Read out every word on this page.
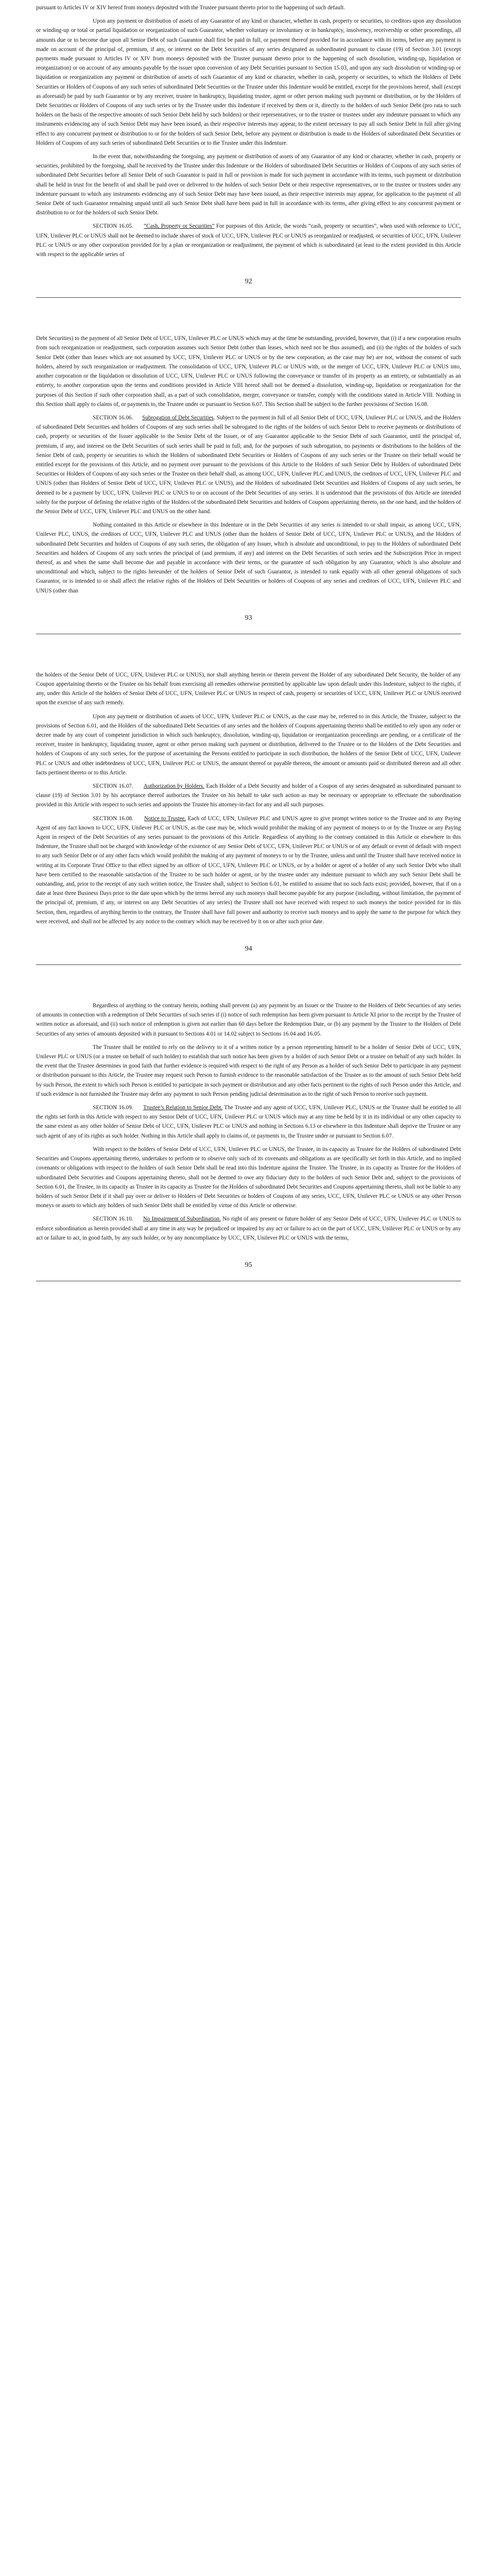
pursuant to Articles IV or XIV hereof from moneys deposited with the Trustee pursuant thereto prior to the happening of such default.

Upon any payment or distribution of assets of any Guarantor of any kind or character, whether in cash, property or securities, to creditors upon any dissolution or winding-up or total or partial liquidation or reorganization of such Guarantor, whether voluntary or involuntary or in bankruptcy, insolvency, receivership or other proceedings, all amounts due or to become due upon all Senior Debt of such Guarantor shall first be paid in full, or payment thereof provided for in accordance with its terms, before any payment is made on account of the principal of, premium, if any, or interest on the Debt Securities of any series designated as subordinated pursuant to clause (19) of Section 3.01 (except payments made pursuant to Articles IV or XIV from moneys deposited with the Trustee pursuant thereto prior to the happening of such dissolution, winding-up, liquidation or reorganization) or on account of any amounts payable by the issuer upon conversion of any Debt Securities pursuant to Section 15.03, and upon any such dissolution or winding-up or liquidation or reorganization any payment or distribution of assets of such Guarantor of any kind or character, whether in cash, property or securities, to which the Holders of Debt Securities or Holders of Coupons of any such series of subordinated Debt Securities or the Trustee under this Indenture would be entitled, except for the provisions hereof, shall (except as aforesaid) be paid by such Guarantor or by any receiver, trustee in bankruptcy, liquidating trustee, agent or other person making such payment or distribution, or by the Holders of Debt Securities or Holders of Coupons of any such series or by the Trustee under this Indenture if received by them or it, directly to the holders of such Senior Debt (pro rata to such holders on the basis of the respective amounts of such Senior Debt held by such holders) or their representatives, or to the trustee or trustees under any indenture pursuant to which any instruments evidencing any of such Senior Debt may have been issued, as their respective interests may appear, to the extent necessary to pay all such Senior Debt in full after giving effect to any concurrent payment or distribution to or for the holders of such Senior Debt, before any payment or distribution is made to the Holders of subordinated Debt Securities or Holders of Coupons of any such series of subordinated Debt Securities or to the Trustee under this Indenture.

In the event that, notwithstanding the foregoing, any payment or distribution of assets of any Guarantor of any kind or character, whether in cash, property or securities, prohibited by the foregoing, shall be received by the Trustee under this Indenture or the Holders of subordinated Debt Securities or Holders of Coupons of any such series of subordinated Debt Securities before all Senior Debt of such Guarantor is paid in full or provision is made for such payment in accordance with its terms, such payment or distribution shall be held in trust for the benefit of and shall be paid over or delivered to the holders of such Senior Debt or their respective representatives, or to the trustee or trustees under any indenture pursuant to which any instruments evidencing any of such Senior Debt may have been issued, as their respective interests may appear, for application to the payment of all Senior Debt of such Guarantor remaining unpaid until all such Senior Debt shall have been paid in full in accordance with its terms, after giving effect to any concurrent payment or distribution to or for the holders of such Senior Debt.

SECTION 16.05. “Cash, Property or Securities” For purposes of this Article, the words “cash, property or securities”, when used with reference to UCC, UFN, Unilever PLC or UNUS shall not be deemed to include shares of stock of UCC, UFN, Unilever PLC or UNUS as reorganized or readjusted, or securities of UCC, UFN, Unilever PLC or UNUS or any other corporation provided for by a plan or reorganization or readjustment, the payment of which is subordinated (at least to the extent provided in this Article with respect to the applicable series of

92

Debt Securities) to the payment of all Senior Debt of UCC, UFN, Unilever PLC or UNUS which may at the time be outstanding, provided, however, that (i) if a new corporation results from such reorganization or readjustment, such corporation assumes such Senior Debt (other than leases, which need not be thus assumed), and (ii) the rights of the holders of such Senior Debt (other than leases which are not assumed by UCC, UFN, Unilever PLC or UNUS or by the new corporation, as the case may be) are not, without the consent of such holders, altered by such reorganization or readjustment. The consolidation of UCC, UFN, Unilever PLC or UNUS with, or the merger of UCC, UFN, Unilever PLC or UNUS into, another corporation or the liquidation or dissolution of UCC, UFN, Unilever PLC or UNUS following the conveyance or transfer of its property as an entirety, or substantially as an entirety, to another corporation upon the terms and conditions provided in Article VIII hereof shall not be deemed a dissolution, winding-up, liquidation or reorganization for the purposes of this Section if such other corporation shall, as a part of such consolidation, merger, conveyance or transfer, comply with the conditions stated in Article VIII. Nothing in this Section shall apply to claims of, or payments to, the Trustee under or pursuant to Section 6.07. This Section shall be subject to the further provisions of Section 16.08.

SECTION 16.06. Subrogation of Debt Securities. Subject to the payment in full of all Senior Debt of UCC, UFN, Unilever PLC or UNUS, and the Holders of subordinated Debt Securities and holders of Coupons of any such series shall be subrogated to the rights of the holders of such Senior Debt to receive payments or distributions of cash, property or securities of the Issuer applicable to the Senior Debt of the Issuer, or of any Guarantor applicable to the Senior Debt of such Guarantor, until the principal of, premium, if any, and interest on the Debt Securities of such series shall be paid in full; and, for the purposes of such subrogation, no payments or distributions to the holders of the Senior Debt of cash, property or securities to which the Holders of subordinated Debt Securities or Holders of Coupons of any such series or the Trustee on their behalf would be entitled except for the provisions of this Article, and no payment over pursuant to the provisions of this Article to the Holders of such Senior Debt by Holders of subordinated Debt Securities or Holders of Coupons of any such series or the Trustee on their behalf shall, as among UCC, UFN, Unilever PLC and UNUS, the creditors of UCC, UFN, Unilever PLC and UNUS (other than Holders of Senior Debt of UCC, UFN, Unilever PLC or UNUS), and the Holders of subordinated Debt Securities and Holders of Coupons of any such series, be deemed to be a payment by UCC, UFN, Unilever PLC or UNUS to or on account of the Debt Securities of any series. It is understood that the provisions of this Article are intended solely for the purpose of defining the relative rights of the Holders of the subordinated Debt Securities and holders of Coupons appertaining thereto, on the one hand, and the holders of the Senior Debt of UCC, UFN, Unilever PLC and UNUS on the other hand.

Nothing contained in this Article or elsewhere in this Indenture or in the Debt Securities of any series is intended to or shall impair, as among UCC, UFN, Unilever PLC, UNUS, the creditors of UCC, UFN, Unilever PLC and UNUS (other than the holders of Senior Debt of UCC, UFN, Unilever PLC or UNUS), and the Holders of subordinated Debt Securities and holders of Coupons of any such series, the obligation of any Issuer, which is absolute and unconditional, to pay to the Holders of subordinated Debt Securities and holders of Coupons of any such series the principal of (and premium, if any) and interest on the Debt Securities of such series and the Subscription Price in respect thereof, as and when the same shall become due and payable in accordance with their terms, or the guarantee of such obligation by any Guarantor, which is also absolute and unconditional and which, subject to the rights hereunder of the holders of Senior Debt of such Guarantor, is intended to rank equally with all other general obligations of such Guarantor, or is intended to or shall affect the relative rights of the Holders of Debt Securities or holders of Coupons of any series and creditors of UCC, UFN, Unilever PLC and UNUS (other than

93

the holders of the Senior Debt of UCC, UFN, Unilever PLC or UNUS), nor shall anything herein or therein prevent the Holder of any subordinated Debt Security, the holder of any Coupon appertaining thereto or the Trustee on his behalf from exercising all remedies otherwise permitted by applicable law upon default under this Indenture, subject to the rights, if any, under this Article of the holders of Senior Debt of UCC, UFN, Unilever PLC or UNUS in respect of cash, property or securities of UCC, UFN, Unilever PLC or UNUS received upon the exercise of any such remedy.

Upon any payment or distribution of assets of UCC, UFN, Unilever PLC or UNUS, as the case may be, referred to in this Article, the Trustee, subject to the provisions of Section 6.01, and the Holders of the subordinated Debt Securities of any series and the holders of Coupons appertaining thereto shall be entitled to rely upon any order or decree made by any court of competent jurisdiction in which such bankruptcy, dissolution, winding-up, liquidation or reorganization proceedings are pending, or a certificate of the receiver, trustee in bankruptcy, liquidating trustee, agent or other person making such payment or distribution, delivered to the Trustee or to the Holders of the Debt Securities and holders of Coupons of any such series, for the purpose of ascertaining the Persons entitled to participate in such distribution, the holders of the Senior Debt of UCC, UFN, Unilever PLC or UNUS and other indebtedness of UCC, UFN, Unilever PLC or UNUS, the amount thereof or payable thereon, the amount or amounts paid or distributed thereon and all other facts pertinent thereto or to this Article.

SECTION 16.07. Authorization by Holders. Each Holder of a Debt Security and holder of a Coupon of any series designated as subordinated pursuant to clause (19) of Section 3.01 by his acceptance thereof authorizes the Trustee on his behalf to take such action as may be necessary or appropriate to effectuate the subordination provided in this Article with respect to such series and appoints the Trustee his attorney-in-fact for any and all such purposes.

SECTION 16.08. Notice to Trustee. Each of UCC, UFN, Unilever PLC and UNUS agree to give prompt written notice to the Trustee and to any Paying Agent of any fact known to UCC, UFN, Unilever PLC or UNUS, as the case may be, which would prohibit the making of any payment of moneys to or by the Trustee or any Paying Agent in respect of the Debt Securities of any series pursuant to the provisions of this Article. Regardless of anything to the contrary contained in this Article or elsewhere in this Indenture, the Trustee shall not be charged with knowledge of the existence of any Senior Debt of UCC, UFN, Unilever PLC or UNUS or of any default or event of default with respect to any such Senior Debt or of any other facts which would prohibit the making of any payment of moneys to or by the Trustee, unless and until the Trustee shall have received notice in writing at its Corporate Trust Office to that effect signed by an officer of UCC, UFN, Unilever PLC or UNUS, or by a holder or agent of a holder of any such Senior Debt who shall have been certified to the reasonable satisfaction of the Trustee to be such holder or agent, or by the trustee under any indenture pursuant to which any such Senior Debt shall be outstanding, and, prior to the receipt of any such written notice, the Trustee shall, subject to Section 6.01, be entitled to assume that no such facts exist; provided, however, that if on a date at least three Business Days prior to the date upon which by the terms hereof any such moneys shall become payable for any purpose (including, without limitation, the payment of the principal of, premium, if any, or interest on any Debt Securities of any series) the Trustee shall not have received with respect to such moneys the notice provided for in this Section, then, regardless of anything herein to the contrary, the Trustee shall have full power and authority to receive such moneys and to apply the same to the purpose for which they were received, and shall not be affected by any notice to the contrary which may be received by it on or after such prior date.

94

Regardless of anything to the contrary herein, nothing shall prevent (a) any payment by an Issuer or the Trustee to the Holders of Debt Securities of any series of amounts in connection with a redemption of Debt Securities of such series if (i) notice of such redemption has been given pursuant to Article XI prior to the receipt by the Trustee of written notice as aforesaid, and (ii) such notice of redemption is given not earlier than 60 days before the Redemption Date, or (b) any payment by the Trustee to the Holders of Debt Securities of any series of amounts deposited with it pursuant to Sections 4.01 or 14.02 subject to Sections 16.04 and 16.05.

The Trustee shall be entitled to rely on the delivery to it of a written notice by a person representing himself to be a holder of Senior Debt of UCC, UFN, Unilever PLC or UNUS (or a trustee on behalf of such holder) to establish that such notice has been given by a holder of such Senior Debt or a trustee on behalf of any such holder. In the event that the Trustee determines in good faith that further evidence is required with respect to the right of any Person as a holder of such Senior Debt to participate in any payment or distribution pursuant to this Article, the Trustee may request such Person to furnish evidence to the reasonable satisfaction of the Trustee as to the amount of such Senior Debt held by such Person, the extent to which such Person is entitled to participate in such payment or distribution and any other facts pertinent to the rights of such Person under this Article, and if such evidence is not furnished the Trustee may defer any payment to such Person pending judicial determination as to the right of such Person to receive such payment.

SECTION 16.09. Trustee’s Relation to Senior Debt. The Trustee and any agent of UCC, UFN, Unilever PLC, UNUS or the Trustee shall be entitled to all the rights set forth in this Article with respect to any Senior Debt of UCC, UFN, Unilever PLC or UNUS which may at any time be held by it in its individual or any other capacity to the same extent as any other holder of Senior Debt of UCC, UFN, Unilever PLC or UNUS and nothing in Sections 6.13 or elsewhere in this Indenture shall deprive the Trustee or any such agent of any of its rights as such holder. Nothing in this Article shall apply to claims of, or payments to, the Trustee under or pursuant to Section 6.07.

With respect to the holders of Senior Debt of UCC, UFN, Unilever PLC or UNUS, the Trustee, in its capacity as Trustee for the Holders of subordinated Debt Securities and Coupons appertaining thereto, undertakes to perform or to observe only such of its covenants and obligations as are specifically set forth in this Article, and no implied covenants or obligations with respect to the holders of such Senior Debt shall be read into this Indenture against the Trustee. The Trustee, in its capacity as Trustee for the Holders of subordinated Debt Securities and Coupons appertaining thereto, shall not be deemed to owe any fiduciary duty to the holders of such Senior Debt and, subject to the provisions of Section 6.01, the Trustee, in its capacity as Trustee in its capacity as Trustee for the Holders of subordinated Debt Securities and Coupons appertaining thereto, shall not be liable to any holders of such Senior Debt if it shall pay over or deliver to Holders of Debt Securities or holders of Coupons of any series, UCC, UFN, Unilever PLC or UNUS or any other Person moneys or assets to which any holders of such Senior Debt shall be entitled by virtue of this Article or otherwise.

SECTION 16.10. No Impairment of Subordination. No right of any present or future holder of any Senior Debt of UCC, UFN, Unilever PLC or UNUS to enforce subordination as herein provided shall at any time in any way be prejudiced or impaired by any act or failure to act on the part of UCC, UFN, Unilever PLC or UNUS or by any act or failure to act, in good faith, by any such holder, or by any noncompliance by UCC, UFN, Unilever PLC or UNUS with the terms,

95
